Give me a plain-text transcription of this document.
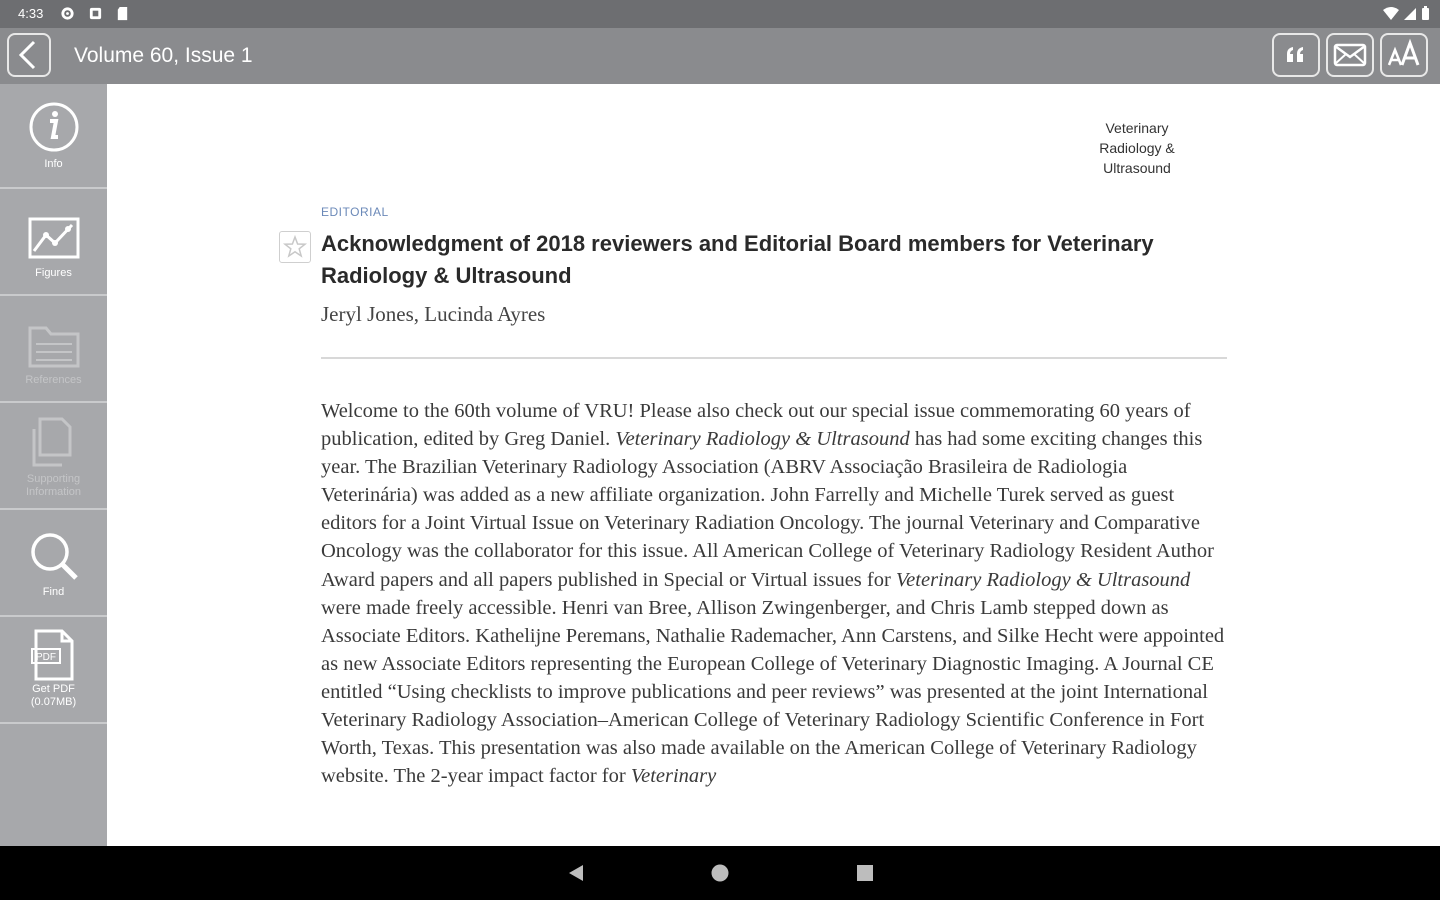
4:33

Volume 60, Issue 1
Info
Figures
References
Supporting Information
Find
PDF
Get PDF
(0.07MB)
Veterinary Radiology & Ultrasound
EDITORIAL
Acknowledgment of 2018 reviewers and Editorial Board members for Veterinary Radiology & Ultrasound
Jeryl Jones, Lucinda Ayres

Welcome to the 60th volume of VRU! Please also check out our special issue commemorating 60 years of publication, edited by Greg Daniel. Veterinary Radiology & Ultrasound has had some exciting changes this year. The Brazilian Veterinary Radiology Association (ABRV Associação Brasileira de Radiologia Veterinária) was added as a new affiliate organization. John Farrelly and Michelle Turek served as guest editors for a Joint Virtual Issue on Veterinary Radiation Oncology. The journal Veterinary and Comparative Oncology was the collaborator for this issue. All American College of Veterinary Radiology Resident Author Award papers and all papers published in Special or Virtual issues for Veterinary Radiology & Ultrasound were made freely accessible. Henri van Bree, Allison Zwingenberger, and Chris Lamb stepped down as Associate Editors. Kathelijne Peremans, Nathalie Rademacher, Ann Carstens, and Silke Hecht were appointed as new Associate Editors representing the European College of Veterinary Diagnostic Imaging. A Journal CE entitled “Using checklists to improve publications and peer reviews” was presented at the joint International Veterinary Radiology Association–American College of Veterinary Radiology Scientific Conference in Fort Worth, Texas. This presentation was also made available on the American College of Veterinary Radiology website. The 2-year impact factor for Veterinary
